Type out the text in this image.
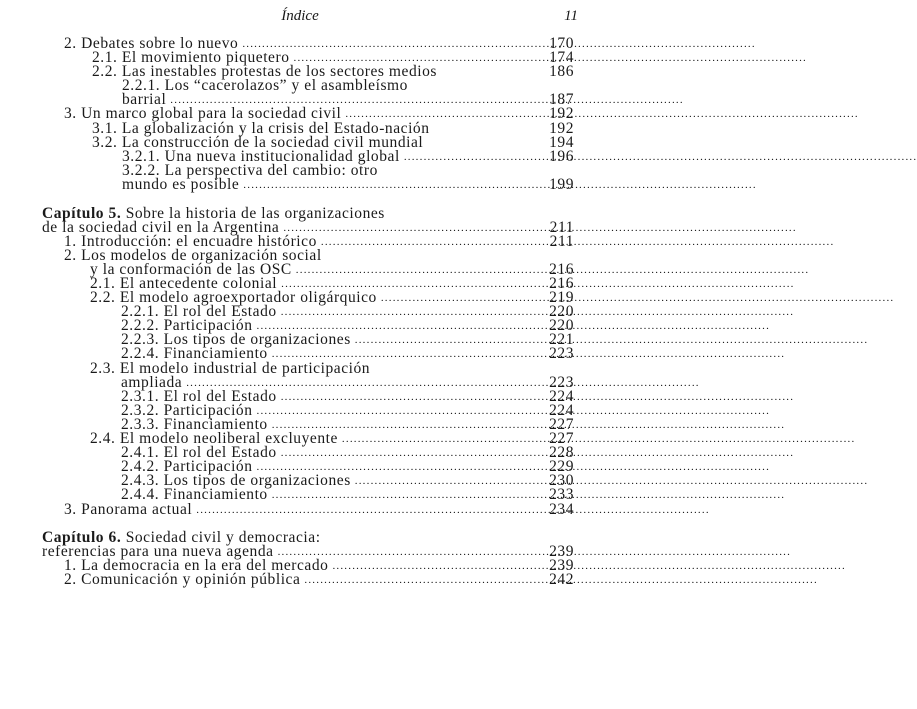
Índice	11
2. Debates sobre lo nuevo .....	170
2.1. El movimiento piquetero .....	174
2.2. Las inestables protestas de los sectores medios	186
2.2.1. Los “cacerolazos” y el asambleísmo
barrial .....	187
3. Un marco global para la sociedad civil .....	192
3.1. La globalización y la crisis del Estado-nación	192
3.2. La construcción de la sociedad civil mundial	194
3.2.1. Una nueva institucionalidad global .....	196
3.2.2. La perspectiva del cambio: otro
mundo es posible .....	199
Capítulo 5. Sobre la historia de las organizaciones
de la sociedad civil en la Argentina .....	211
1. Introducción: el encuadre histórico .....	211
2. Los modelos de organización social
y la conformación de las OSC .....	216
2.1. El antecedente colonial .....	216
2.2. El modelo agroexportador oligárquico .....	219
2.2.1. El rol del Estado .....	220
2.2.2. Participación .....	220
2.2.3. Los tipos de organizaciones .....	221
2.2.4. Financiamiento .....	223
2.3. El modelo industrial de participación
ampliada .....	223
2.3.1. El rol del Estado .....	224
2.3.2. Participación .....	224
2.3.3. Financiamiento .....	227
2.4. El modelo neoliberal excluyente .....	227
2.4.1. El rol del Estado .....	228
2.4.2. Participación .....	229
2.4.3. Los tipos de organizaciones .....	230
2.4.4. Financiamiento .....	233
3. Panorama actual .....	234
Capítulo 6. Sociedad civil y democracia:
referencias para una nueva agenda .....	239
1. La democracia en la era del mercado .....	239
2. Comunicación y opinión pública .....	242
